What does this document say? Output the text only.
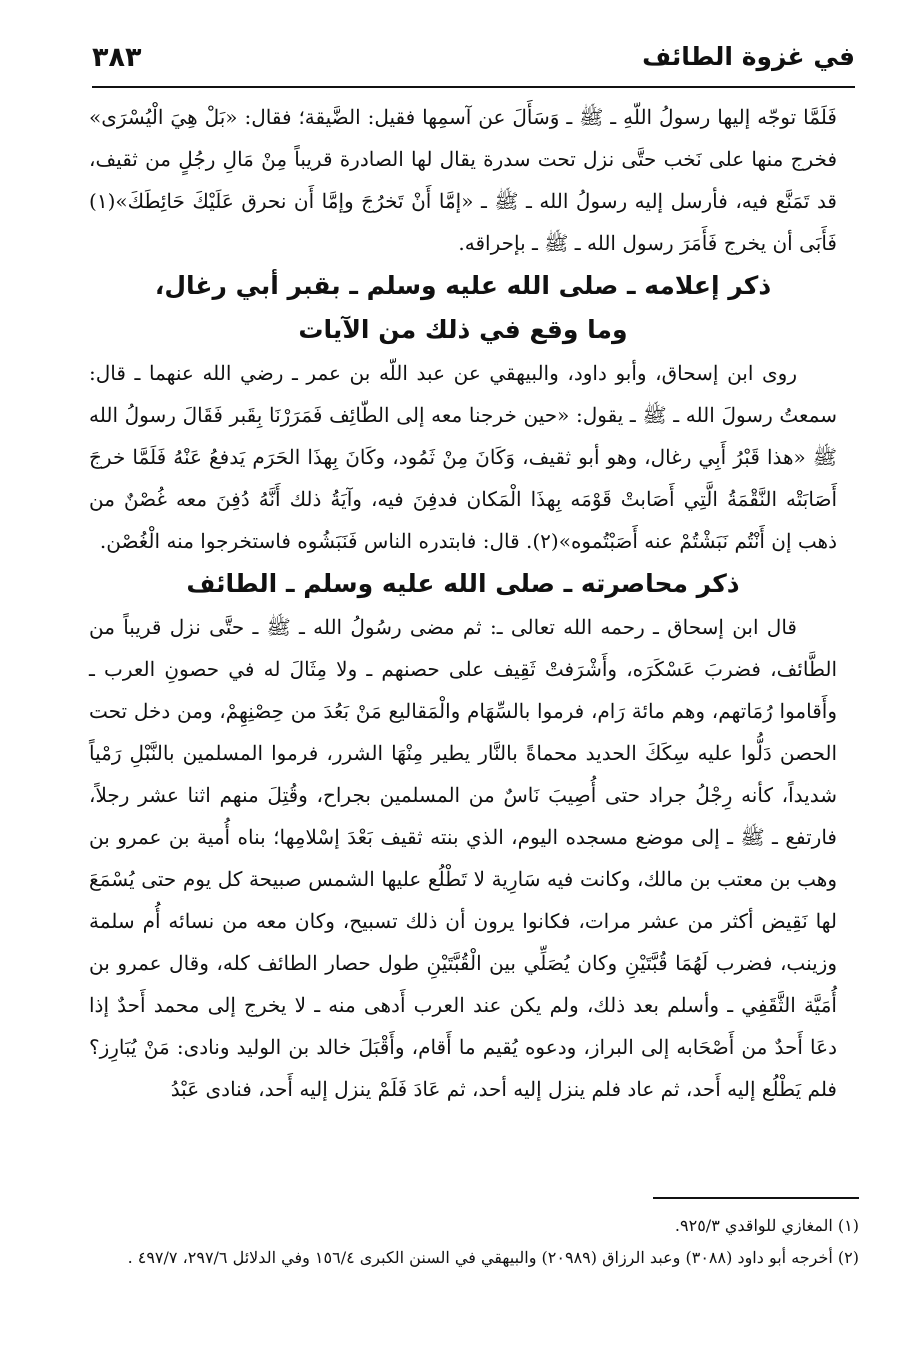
في غزوة الطائف
٣٨٣

فَلَمَّا توجّه إليها رسولُ اللّهِ ـ ﷺ ـ وَسَأَلَ عن آسمِها فقيل: الضَّيقة؛ فقال: «بَلْ هِيَ الْيُسْرَى» فخرج منها على نَخب حتَّى نزل تحت سدرة يقال لها الصادرة قريباً مِنْ مَالِ رجُلٍ من ثقيف، قد تَمَنَّع فيه، فأرسل إليه رسولُ الله ـ ﷺ ـ «إمَّا أَنْ تَخرُجَ وإمَّا أَن نحرق عَلَيْكَ حَائِطَكَ»(١) فَأَبَى أن يخرج فَأَمَرَ رسول الله ـ ﷺ ـ بإحراقه.

ذكر إعلامه ـ صلى الله عليه وسلم ـ بقبر أبي رغال،

وما وقع في ذلك من الآيات

روى ابن إسحاق، وأبو داود، والبيهقي عن عبد اللّه بن عمر ـ رضي الله عنهما ـ قال: سمعتُ رسولَ الله ـ ﷺ ـ يقول: «حين خرجنا معه إلى الطّائِف فَمَرَرْنَا بِقَبر فَقَالَ رسولُ الله ﷺ «هذا قَبْرُ أَبِي رغال، وهو أبو ثقيف، وَكَانَ مِنْ ثَمُود، وكَانَ بِهذَا الحَرَم يَدفعُ عَنْهُ فَلَمَّا خرجَ أَصَابَتْه النَّقْمَةُ الَّتِي أَصَابتْ قَوْمَه بِهذَا الْمَكان فدفِنَ فيه، وآيَةُ ذلك أَنَّهُ دُفِنَ معه غُصْنٌ من ذهب إن أَنْتُم نَبَشْتُمْ عنه أَصَبْتُموه»(٢). قال: فابتدره الناس فَنَبَشُوه فاستخرجوا منه الْغُصْن.

ذكر محاصرته ـ صلى الله عليه وسلم ـ الطائف

قال ابن إسحاق ـ رحمه الله تعالى ـ: ثم مضى رسُولُ الله ـ ﷺ ـ حتَّى نزل قريباً من الطَّائف، فضربَ عَسْكَرَه، وأَشْرَفتْ ثَقِيف على حصنهم ـ ولا مِثَالَ له في حصونِ العرب ـ وأَقاموا رُمَاتهم، وهم مائة رَام، فرموا بالسِّهَام والْمَقاليع مَنْ بَعُدَ من حِصْنِهِمْ، ومن دخل تحت الحصن دَلُّوا عليه سِكَكَ الحديد محماةً بالنَّار يطير مِنْهَا الشرر، فرموا المسلمين بالنَّبْلِ رَمْياً شديداً، كأنه رِجْلُ جراد حتى أُصِيبَ نَاسٌ من المسلمين بجراح، وقُتِلَ منهم اثنا عشر رجلاً، فارتفع ـ ﷺ ـ إلى موضع مسجده اليوم، الذي بنته ثقيف بَعْدَ إسْلامِها؛ بناه أُمية بن عمرو بن وهب بن معتب بن مالك، وكانت فيه سَارِية لا تَطْلُع عليها الشمس صبيحة كل يوم حتى يُسْمَعَ لها نَقِيض أكثر من عشر مرات، فكانوا يرون أن ذلك تسبيح، وكان معه من نسائه أُم سلمة وزينب، فضرب لَهُمَا قُبَّتَيْنِ وكان يُصَلِّي بين الْقُبَّتَيْنِ طول حصار الطائف كله، وقال عمرو بن أُمَيَّة الثَّقَفِي ـ وأسلم بعد ذلك، ولم يكن عند العرب أَدهى منه ـ لا يخرج إلى محمد أَحدٌ إذا دعَا أَحدٌ من أَصْحَابه إلى البراز، ودعوه يُقيم ما أَقام، وأَقْبَلَ خالد بن الوليد ونادى: مَنْ يُبَارِز؟ فلم يَطْلُع إليه أَحد، ثم عاد فلم ينزل إليه أحد، ثم عَادَ فَلَمْ ينزل إليه أَحد، فنادى عَبْدُ

(١) المغازي للواقدي ٩٢٥/٣.

(٢) أخرجه أبو داود (٣٠٨٨) وعبد الرزاق (٢٠٩٨٩) والبيهقي في السنن الكبرى ١٥٦/٤ وفي الدلائل ٢٩٧/٦، ٤٩٧/٧ .
